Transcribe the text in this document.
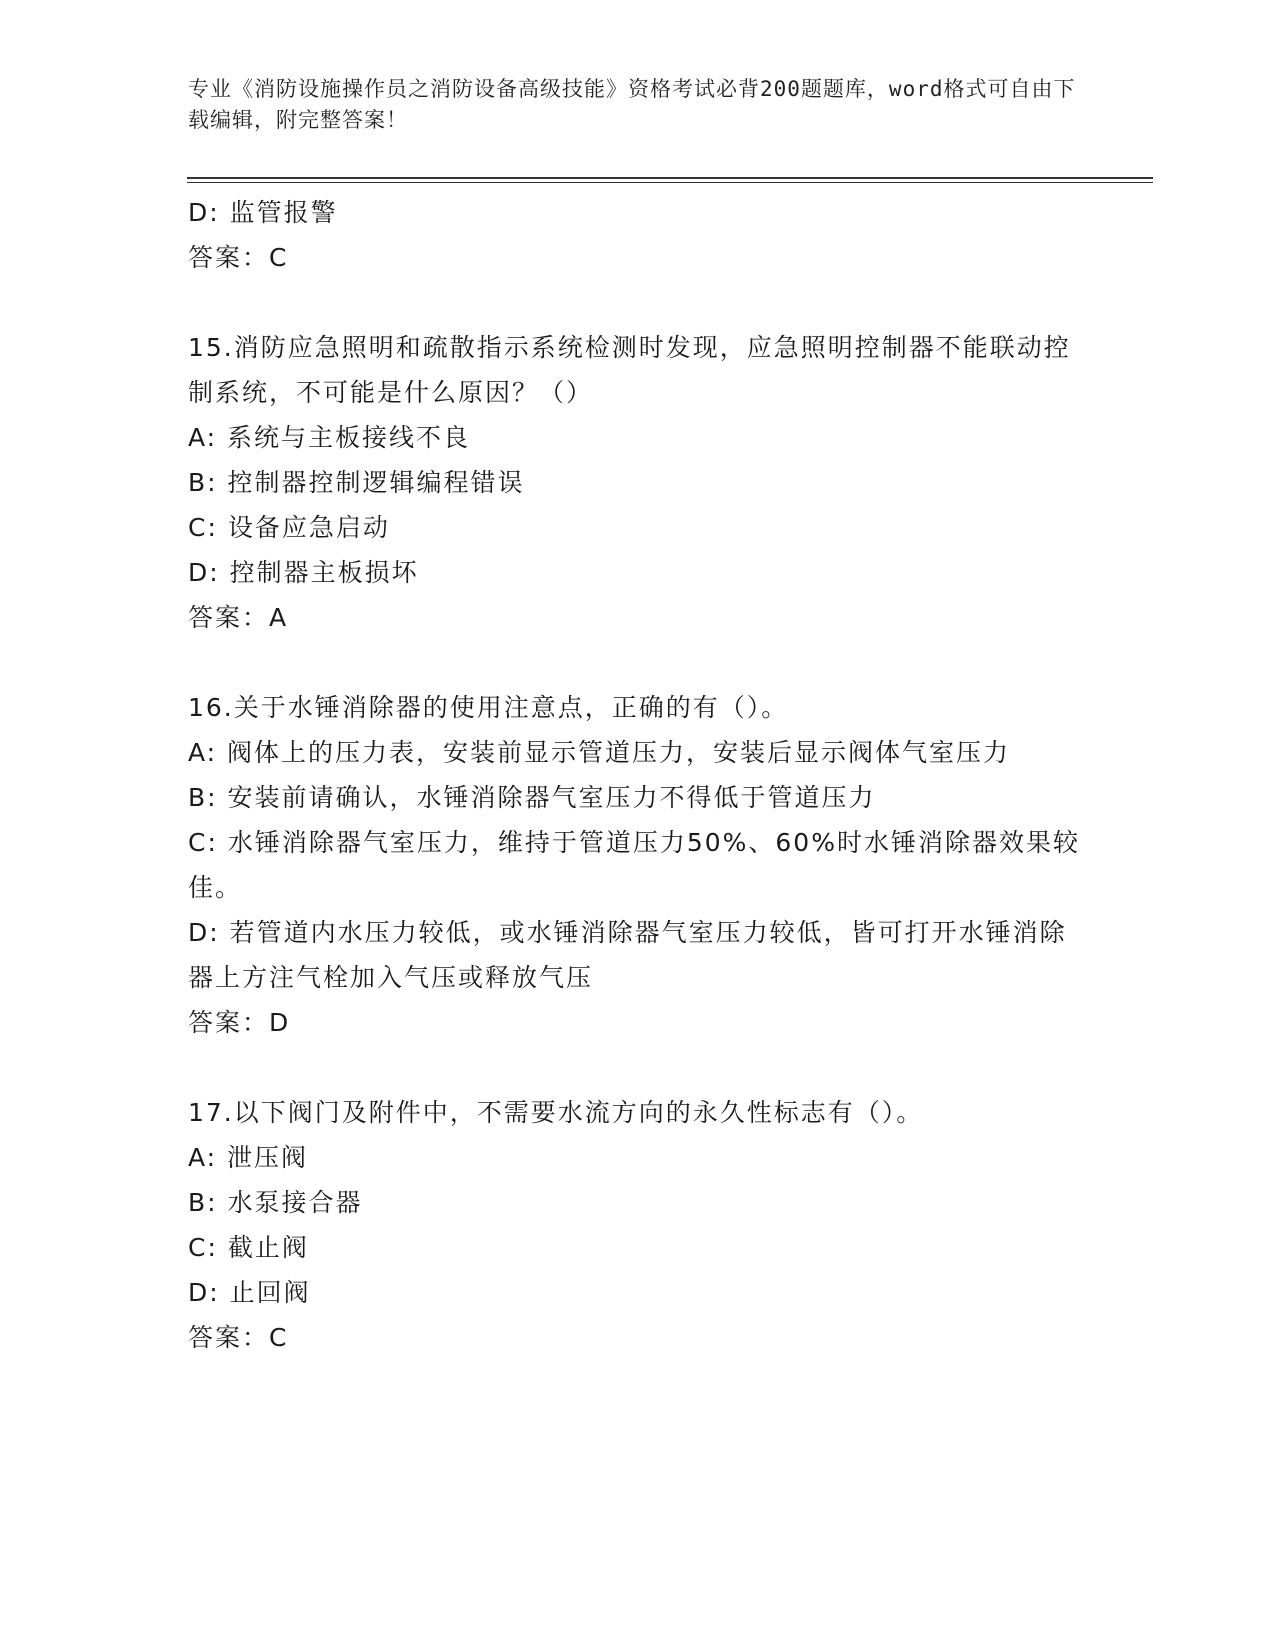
专业《消防设施操作员之消防设备高级技能》资格考试必背200题题库，word格式可自由下载编辑，附完整答案！
D: 监管报警
答案：C
15.消防应急照明和疏散指示系统检测时发现，应急照明控制器不能联动控制系统，不可能是什么原因？（）
A: 系统与主板接线不良
B: 控制器控制逻辑编程错误
C: 设备应急启动
D: 控制器主板损坏
答案：A
16.关于水锤消除器的使用注意点，正确的有（）。
A: 阀体上的压力表，安装前显示管道压力，安装后显示阀体气室压力
B: 安装前请确认，水锤消除器气室压力不得低于管道压力
C: 水锤消除器气室压力，维持于管道压力50%、60%时水锤消除器效果较佳。
D: 若管道内水压力较低，或水锤消除器气室压力较低，皆可打开水锤消除器上方注气栓加入气压或释放气压
答案：D
17.以下阀门及附件中，不需要水流方向的永久性标志有（）。
A: 泄压阀
B: 水泵接合器
C: 截止阀
D: 止回阀
答案：C
